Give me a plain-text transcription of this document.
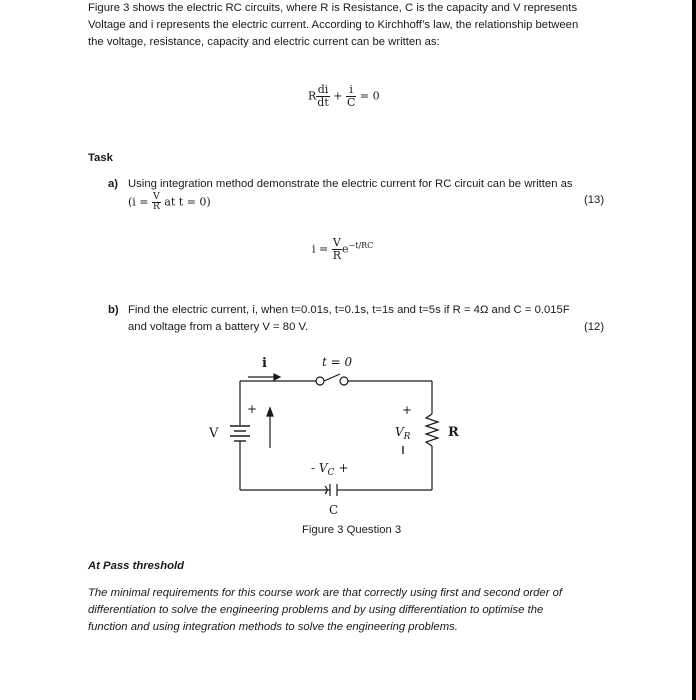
Figure 3 shows the electric RC circuits, where R is Resistance, C is the capacity and V represents
Voltage and i represents the electric current. According to Kirchhoff’s law, the relationship between
the voltage, resistance, capacity and electric current can be written as:
R $\frac{di}{dt} + \frac{i}{C} = 0$
Task
a) Using integration method demonstrate the electric current for RC circuit can be written as
($i = \frac{V}{R}$ at t = 0)	(13)
$i = \frac{V}{R} e^{-t/RC}$
b) Find the electric current, i, when t=0.01s, t=0.1s, t=1s and t=5s if R = 4Ω and C = 0.015F
and voltage from a battery V = 80 V.	(12)
i	t = 0
V
+	+
$V_R$	R
- $V_C$ +
C
Figure 3 Question 3
At Pass threshold
The minimal requirements for this course work are that correctly using first and second order of
differentiation to solve the engineering problems and by using differentiation to optimise the
function and using integration methods to solve the engineering problems.
